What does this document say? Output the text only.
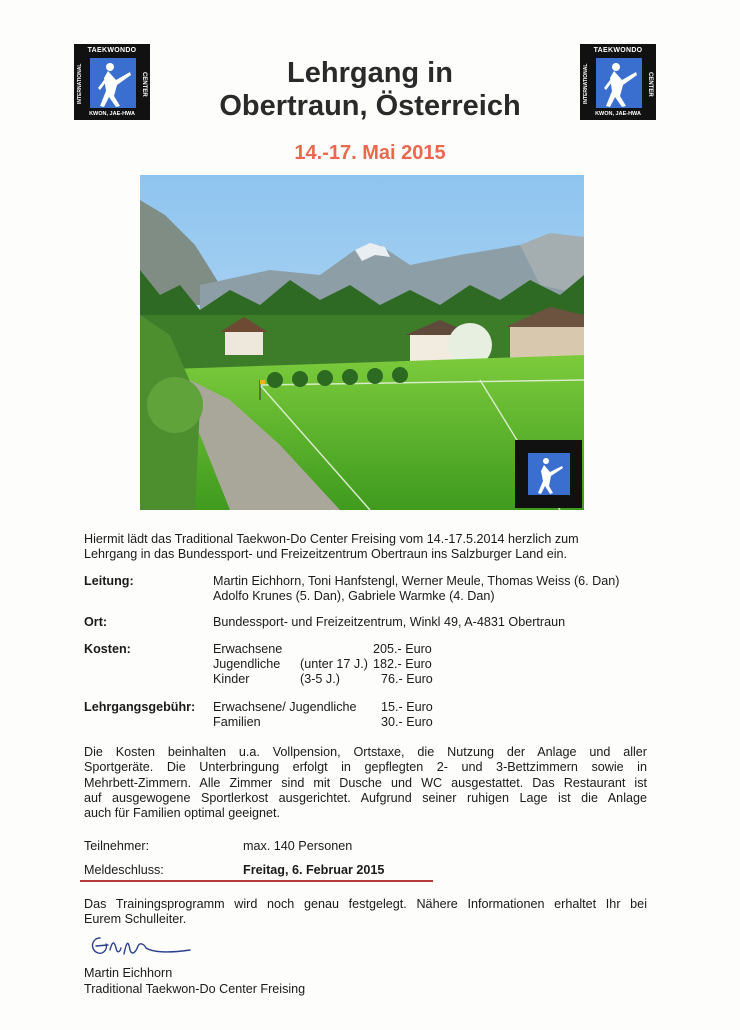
TAEKWONDO
INTERNATIONAL	CENTER
KWON, JAE-HWA
TAEKWONDO
INTERNATIONAL	CENTER
KWON, JAE-HWA
Lehrgang in
Obertraun, Österreich
14.-17. Mai 2015
Hiermit lädt das Traditional Taekwon-Do Center Freising vom 14.-17.5.2014 herzlich zum
Lehrgang in das Bundessport- und Freizeitzentrum Obertraun ins Salzburger Land ein.
Leitung:	Martin Eichhorn, Toni Hanfstengl, Werner Meule, Thomas Weiss (6. Dan)
Adolfo Krunes (5. Dan), Gabriele Warmke (4. Dan)
Ort:	Bundessport- und Freizeitzentrum, Winkl 49, A-4831 Obertraun
Kosten:	Erwachsene	205.- Euro
Jugendliche (unter 17 J.) 182.- Euro
Kinder	(3-5 J.)	76.- Euro
Lehrgangsgebühr: Erwachsene/ Jugendliche 15.- Euro
Familien	30.- Euro
Die Kosten beinhalten u.a. Vollpension, Ortstaxe, die Nutzung der Anlage und aller
Sportgeräte. Die Unterbringung erfolgt in gepflegten 2- und 3-Bettzimmern sowie in
Mehrbett-Zimmern. Alle Zimmer sind mit Dusche und WC ausgestattet. Das Restaurant ist
auf ausgewogene Sportlerkost ausgerichtet. Aufgrund seiner ruhigen Lage ist die Anlage
auch für Familien optimal geeignet.
Teilnehmer:	max. 140 Personen
Meldeschluss:	Freitag, 6. Februar 2015
Das Trainingsprogramm wird noch genau festgelegt. Nähere Informationen erhaltet Ihr bei
Eurem Schulleiter.
Martin Eichhorn
Traditional Taekwon-Do Center Freising
